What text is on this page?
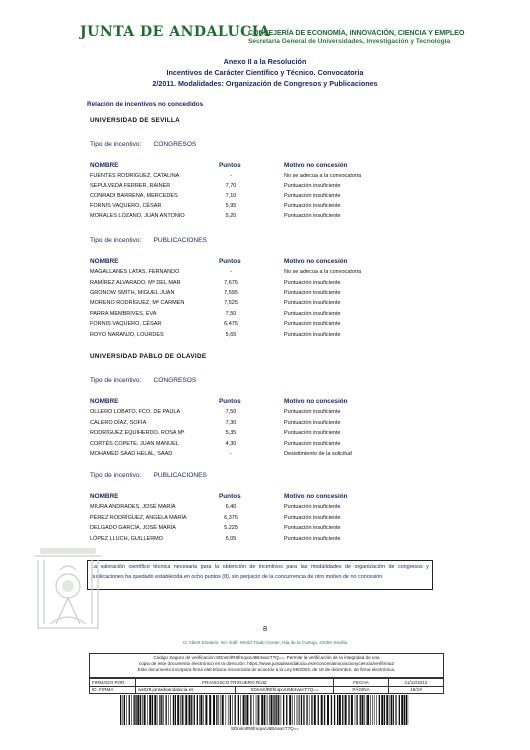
JUNTA DE ANDALUCIA
CONSEJERÍA DE ECONOMÍA, INNOVACIÓN, CIENCIA Y EMPLEO
Secretaría General de Universidades, Investigación y Tecnología
Anexo II a la Resolución
Incentivos de Carácter Científico y Técnico. Convocatoria
2/2011. Modalidades: Organización de Congresos y Publicaciones
Relación de incentivos no concedidos
UNIVERSIDAD DE SEVILLA
Tipo de incentivo: CONGRESOS
NOMBRE	Puntos	Motivo no concesión
FUENTES RODRÍGUEZ, CATALINA	-	No se adecua a la convocatoria
SEPÚLVEDA FERRER, RAINER	7,70	Puntuación insuficiente
CONRADI BARRENA, MERCEDES	7,10	Puntuación insuficiente
FORNIS VAQUERO, CÉSAR	5,95	Puntuación insuficiente
MORALES LOZANO, JUAN ANTONIO	5,20	Puntuación insuficiente
Tipo de incentivo: PUBLICACIONES
NOMBRE	Puntos	Motivo no concesión
MAGALLANES LATAS, FERNANDO	-	No se adecua a la convocatoria
RAMÍREZ ALVARADO, Mª DEL MAR	7,675	Puntuación insuficiente
GRONOW SMITH, MIGUEL JUAN	7,595	Puntuación insuficiente
MORENO RODRÍGUEZ, Mª CARMEN	7,525	Puntuación insuficiente
PARRA MEMBRIVES, EVA	7,50	Puntuación insuficiente
FORNIS VAQUERO, CÉSAR	6,475	Puntuación insuficiente
ROYO NARANJO, LOURDES	5,65	Puntuación insuficiente
UNIVERSIDAD PABLO DE OLAVIDE
Tipo de incentivo: CONGRESOS
NOMBRE	Puntos	Motivo no concesión
OLLERO LOBATO, FCO. DE PAULA	7,50	Puntuación insuficiente
CALERO DÍAZ, SOFÍA	7,30	Puntuación insuficiente
RODRÍGUEZ EQUIHERDO, ROSA Mª	5,35	Puntuación insuficiente
CORTÉS COPETE, JUAN MANUEL	4,30	Puntuación insuficiente
MOHAMED SAAD HELAL, SAAD	-	Desistimiento de la solicitud
Tipo de incentivo: PUBLICACIONES
NOMBRE	Puntos	Motivo no concesión
MIURA ANDRADES, JOSÉ MARÍA	6,40	Puntuación insuficiente
PÉREZ RODRÍGUEZ, ANGELA MARÍA	6,375	Puntuación insuficiente
DELGADO GARCÍA, JOSÉ MARÍA	5,225	Puntuación insuficiente
LÓPEZ LLUCH, GUILLERMO	5,05	Puntuación insuficiente
La valoración científico técnica necesaria para la obtención de incentivos para las modalidades de organización de congresos y publicaciones ha quedado establecida en ocho puntos (8), sin perjuicio de la concurrencia de otro motivo de no concesión
8
C/ Albert Einstein, s/n. Edif. World Trade Center, Isla de la Cartuja. 41092-Sevilla
Código Seguro de verificación:SDnsmfR6fmqxvU6B4vwcT7Q==. Permite la verificación de la integridad de una
copia de este documento electrónico en la dirección: https://www.juntadeandalucia.es/economiainnovacionyciencia/verifirma2
Este documento incorpora firma electrónica reconocida de acuerdo a la Ley 59/2003, de 19 de diciembre, de firma electrónica.
FIRMADO POR	FRANCISCO TRIGUERO RUIZ		FECHA	11/12/2012
ID. FIRMA	ws029.juntadeandalucia.es	SDnsmfR6fmqxvU6B4vwcT7Q==	PÁGINA	19/19
SDnsmfR6fmqxvU6B4vwcT7Q==
